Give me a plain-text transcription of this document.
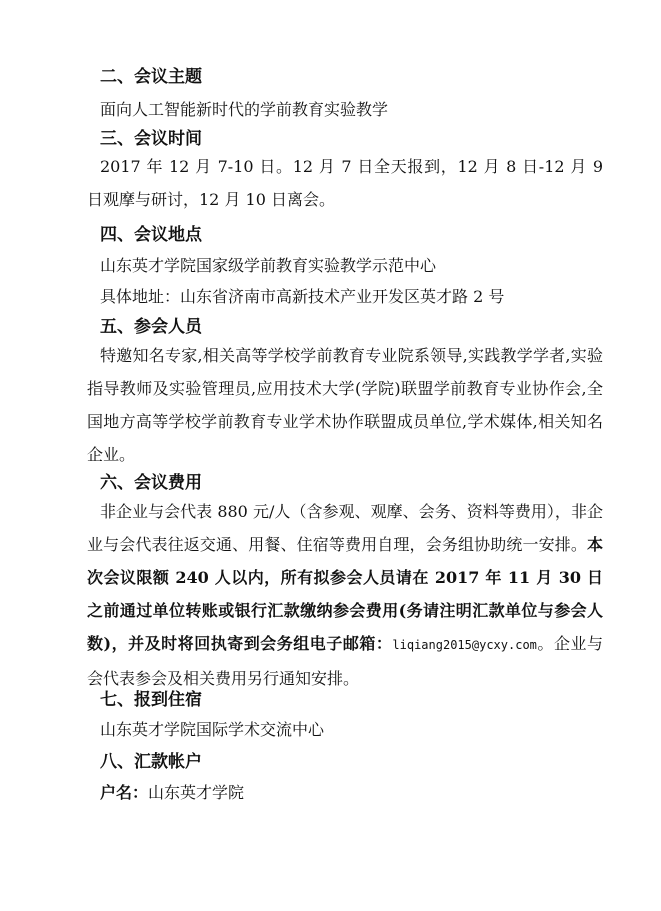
二、会议主题
面向人工智能新时代的学前教育实验教学
三、会议时间
2017 年 12 月 7-10 日。12 月 7 日全天报到，12 月 8 日-12 月 9 日观摩与研讨，12 月 10 日离会。
四、会议地点
山东英才学院国家级学前教育实验教学示范中心
具体地址：山东省济南市高新技术产业开发区英才路 2 号
五、参会人员
特邀知名专家,相关高等学校学前教育专业院系领导,实践教学学者,实验指导教师及实验管理员,应用技术大学(学院)联盟学前教育专业协作会,全国地方高等学校学前教育专业学术协作联盟成员单位,学术媒体,相关知名企业。
六、会议费用
非企业与会代表 880 元/人（含参观、观摩、会务、资料等费用），非企业与会代表往返交通、用餐、住宿等费用自理，会务组协助统一安排。本次会议限额 240 人以内，所有拟参会人员请在 2017 年 11 月 30 日之前通过单位转账或银行汇款缴纳参会费用(务请注明汇款单位与参会人数)，并及时将回执寄到会务组电子邮箱：liqiang2015@ycxy.com。企业与会代表参会及相关费用另行通知安排。
七、报到住宿
山东英才学院国际学术交流中心
八、汇款帐户
户名：山东英才学院
